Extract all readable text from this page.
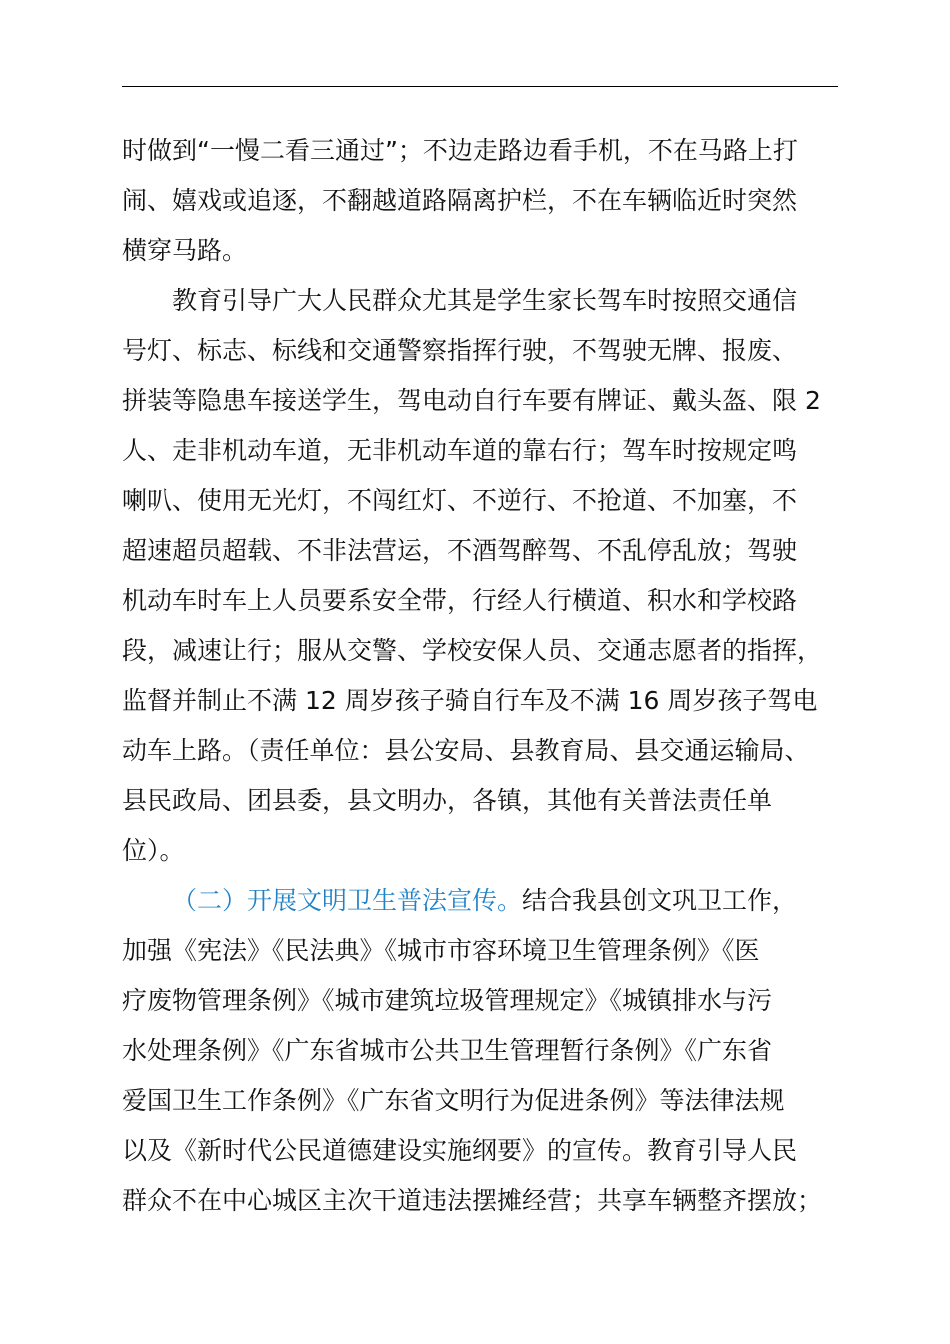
时做到“一慢二看三通过”；不边走路边看手机，不在马路上打
闹、嬉戏或追逐，不翻越道路隔离护栏，不在车辆临近时突然
横穿马路。
教育引导广大人民群众尤其是学生家长驾车时按照交通信
号灯、标志、标线和交通警察指挥行驶，不驾驶无牌、报废、
拼装等隐患车接送学生，驾电动自行车要有牌证、戴头盔、限 2
人、走非机动车道，无非机动车道的靠右行；驾车时按规定鸣
喇叭、使用无光灯，不闯红灯、不逆行、不抢道、不加塞，不
超速超员超载、不非法营运，不酒驾醉驾、不乱停乱放；驾驶
机动车时车上人员要系安全带，行经人行横道、积水和学校路
段，减速让行；服从交警、学校安保人员、交通志愿者的指挥，
监督并制止不满 12 周岁孩子骑自行车及不满 16 周岁孩子驾电
动车上路。（责任单位：县公安局、县教育局、县交通运输局、
县民政局、团县委，县文明办，各镇，其他有关普法责任单
位）。
（二）开展文明卫生普法宣传。结合我县创文巩卫工作，
加强《宪法》《民法典》《城市市容环境卫生管理条例》《医
疗废物管理条例》《城市建筑垃圾管理规定》《城镇排水与污
水处理条例》《广东省城市公共卫生管理暂行条例》《广东省
爱国卫生工作条例》《广东省文明行为促进条例》等法律法规
以及《新时代公民道德建设实施纲要》的宣传。教育引导人民
群众不在中心城区主次干道违法摆摊经营；共享车辆整齐摆放；
